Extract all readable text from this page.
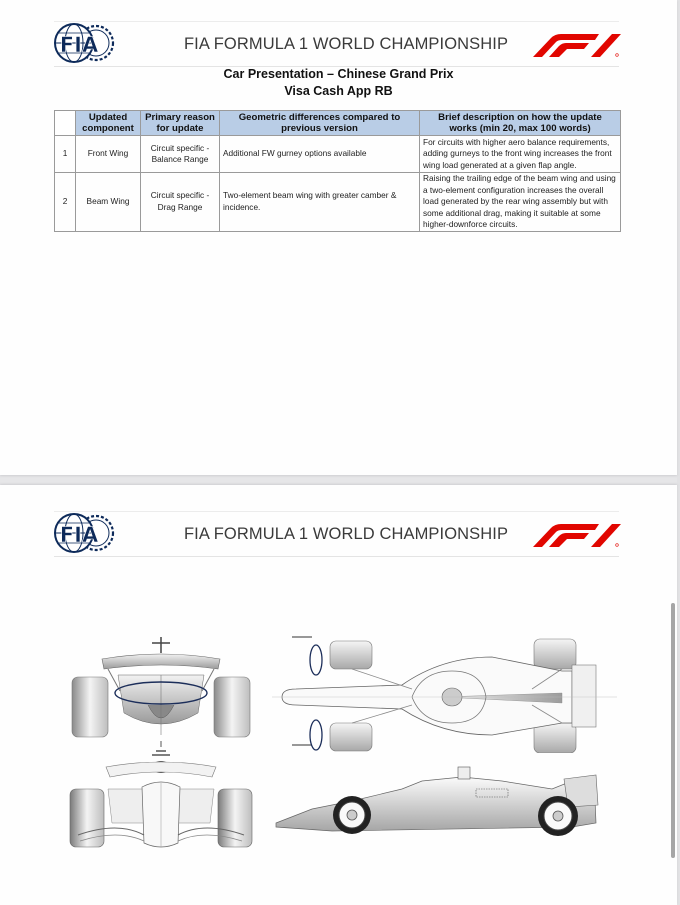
FIA	FIA FORMULA 1 WORLD CHAMPIONSHIP
Car Presentation – Chinese Grand Prix
Visa Cash App RB
	Updated component	Primary reason for update	Geometric differences compared to previous version	Brief description on how the update works (min 20, max 100 words)
1	Front Wing	Circuit specific - Balance Range	Additional FW gurney options available	For circuits with higher aero balance requirements, adding gurneys to the front wing increases the front wing load generated at a given flap angle.
2	Beam Wing	Circuit specific - Drag Range	Two-element beam wing with greater camber & incidence.	Raising the trailing edge of the beam wing and using a two-element configuration increases the overall load generated by the rear wing assembly but with some additional drag, making it suitable at some higher-downforce circuits.
FIA	FIA FORMULA 1 WORLD CHAMPIONSHIP
